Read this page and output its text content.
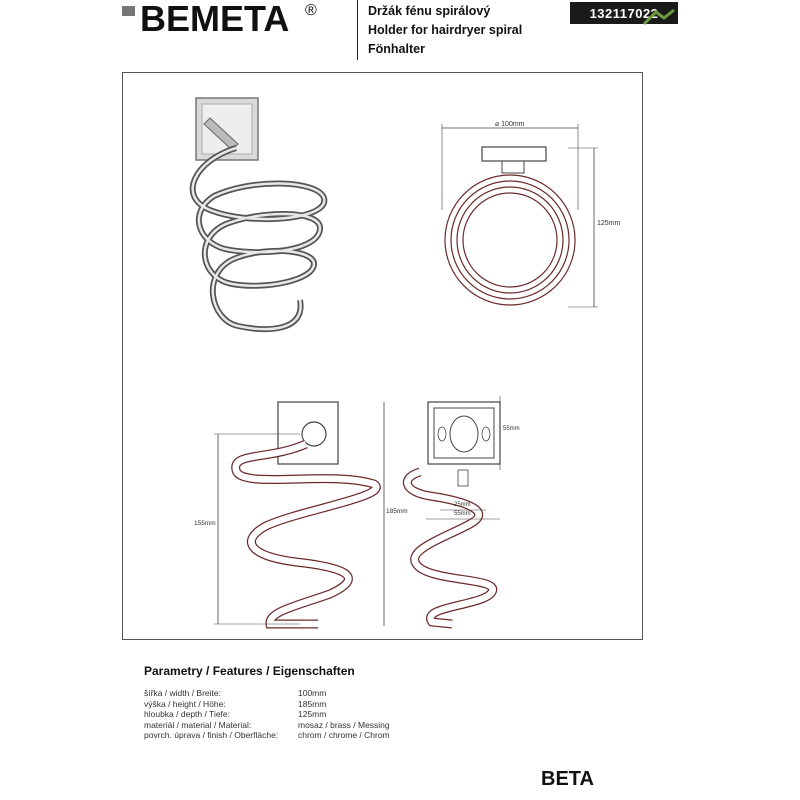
BEMETA ®	Držák fénu spirálový
Holder for hairdryer spiral
Fönhalter
132117022
⌀ 100mm
125mm
155mm
185mm
55mm
25mm
55mm
Parametry / Features / Eigenschaften
šířka / width / Breite:	100mm
výška / height / Höhe:	185mm
hloubka / depth / Tiefe:	125mm
materiál / material / Material:	mosaz / brass / Messing
povrch. úprava / finish / Oberfläche:	chrom / chrome / Chrom
BETA
